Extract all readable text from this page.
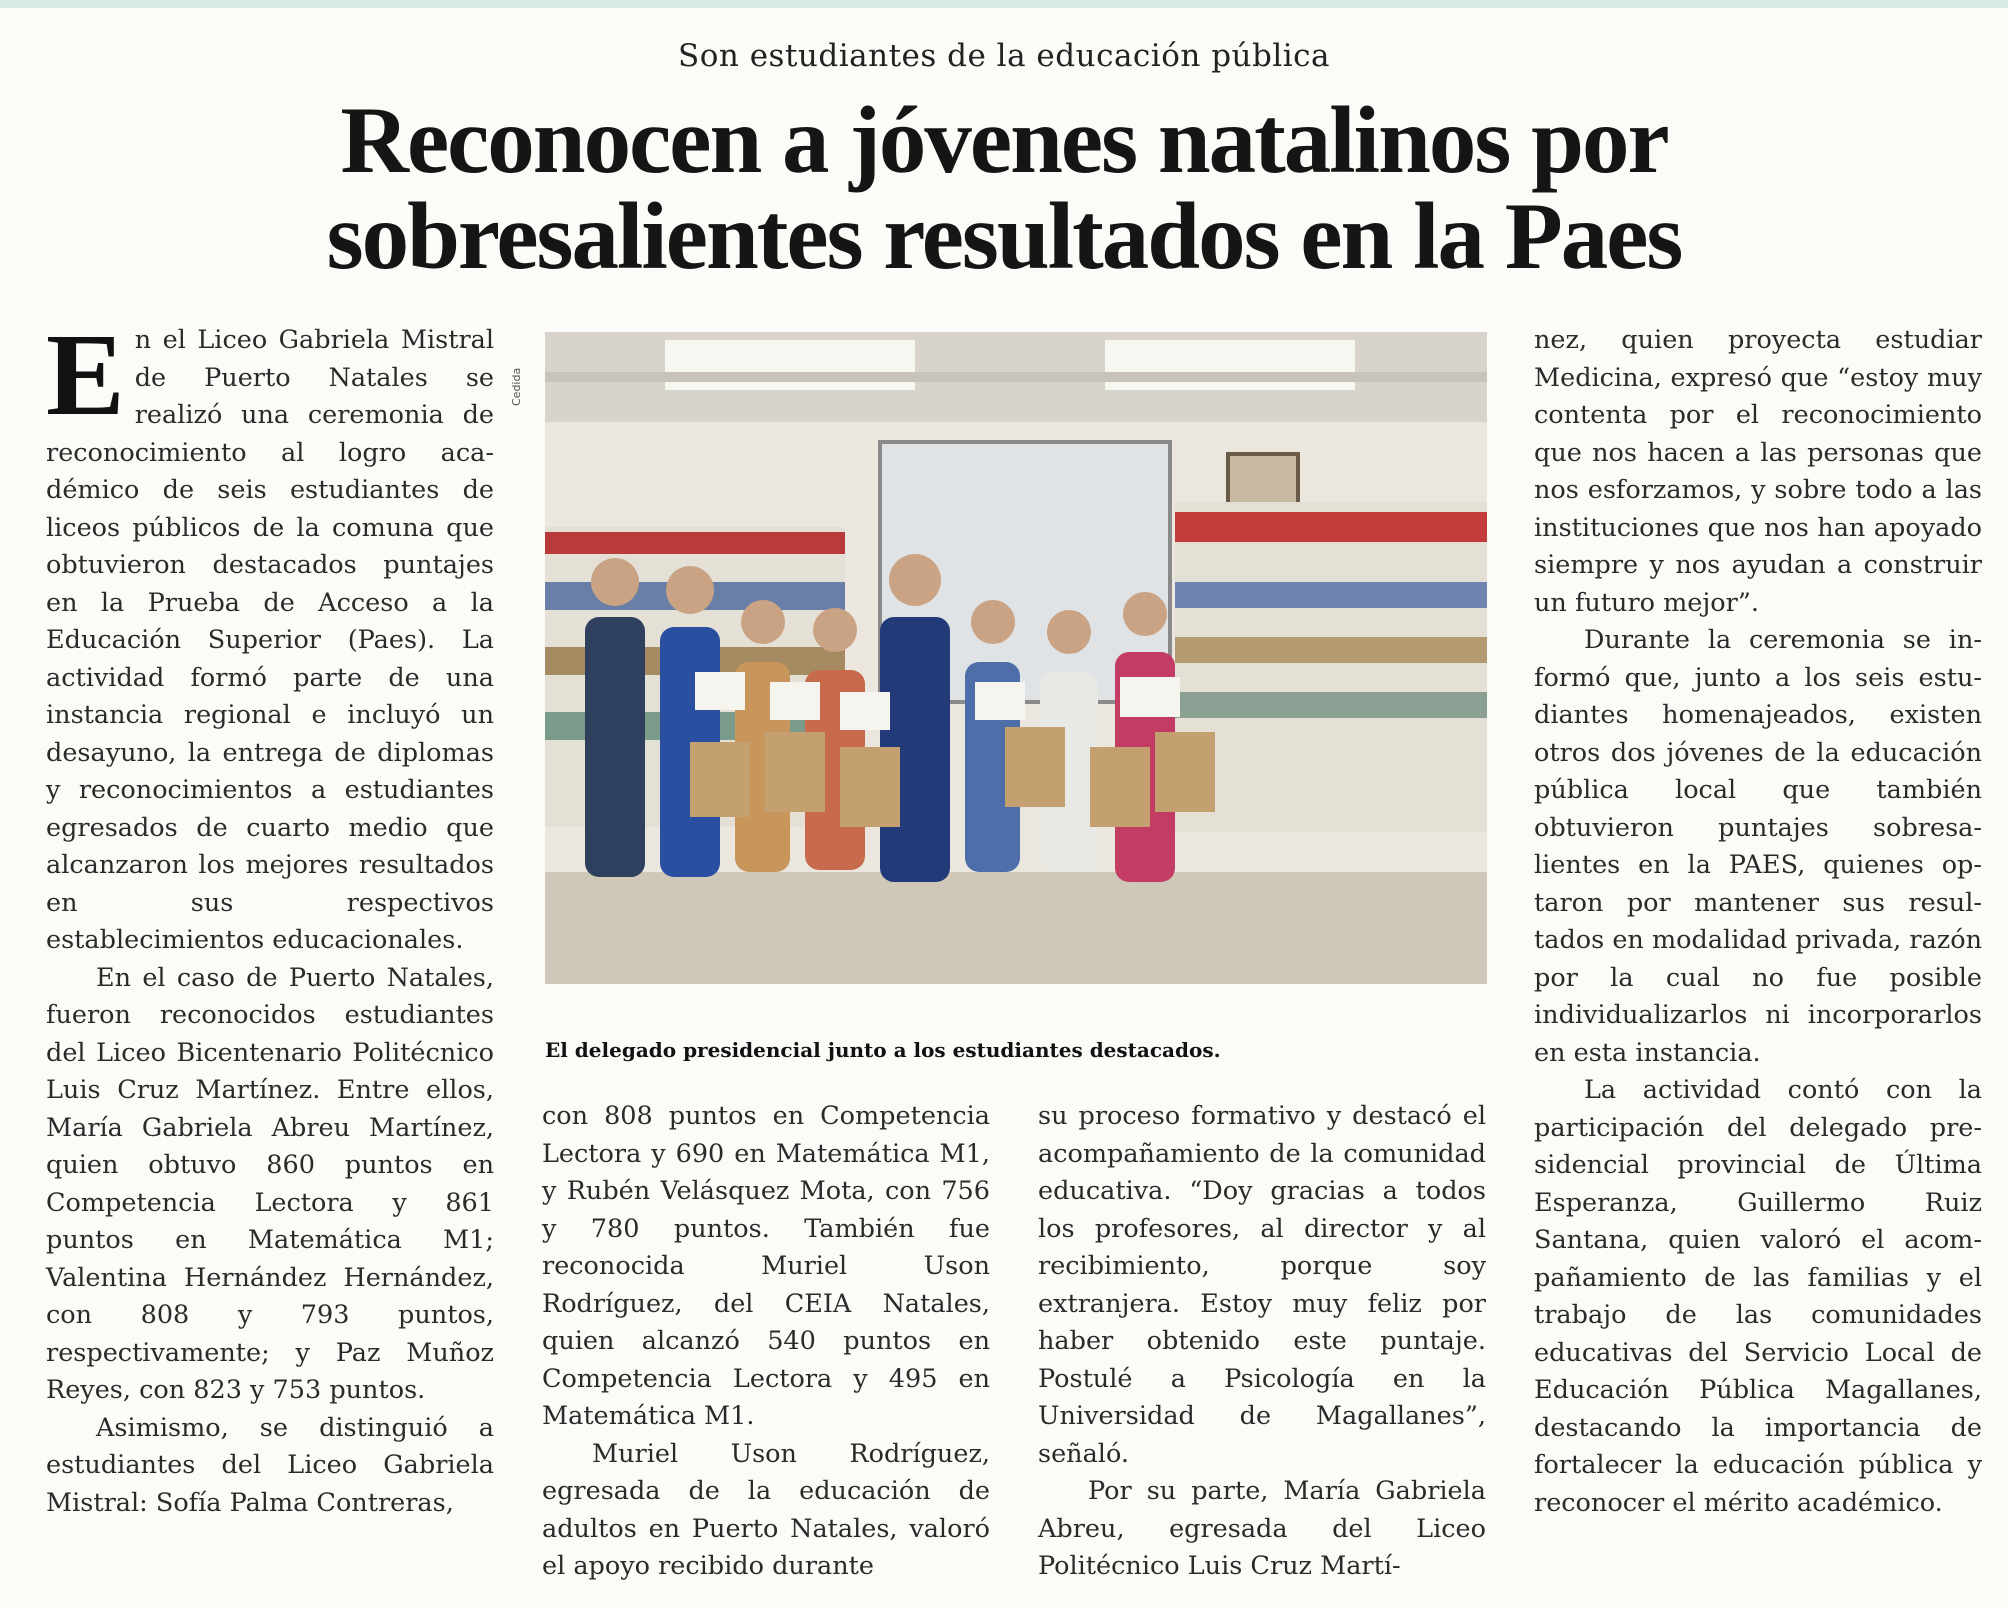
Son estudiantes de la educación pública
Reconocen a jóvenes natalinos por
sobresalientes resultados en la Paes

En el Liceo Gabriela Mistral de Puerto Natales se realizó una ceremonia de reconocimiento al logro académico de seis estudiantes de liceos públicos de la comuna que obtuvieron destacados puntajes en la Prueba de Acceso a la Educación Superior (Paes). La actividad formó parte de una instancia regional e incluyó un desayuno, la entrega de diplomas y reconocimientos a estudiantes egresados de cuarto medio que alcanzaron los mejores resultados en sus respectivos establecimientos educacionales.

En el caso de Puerto Natales, fueron reconocidos estudiantes del Liceo Bicentenario Politécnico Luis Cruz Martínez. Entre ellos, María Gabriela Abreu Martínez, quien obtuvo 860 puntos en Competencia Lectora y 861 puntos en Matemática M1; Valentina Hernández Hernández, con 808 y 793 puntos, respectivamente; y Paz Muñoz Reyes, con 823 y 753 puntos.

Asimismo, se distinguió a estudiantes del Liceo Gabriela Mistral: Sofía Palma Contreras,

Cedida
El delegado presidencial junto a los estudiantes destacados.

con 808 puntos en Competencia Lectora y 690 en Matemática M1, y Rubén Velásquez Mota, con 756 y 780 puntos. También fue reconocida Muriel Uson Rodríguez, del CEIA Natales, quien alcanzó 540 puntos en Competencia Lectora y 495 en Matemática M1.

Muriel Uson Rodríguez, egresada de la educación de adultos en Puerto Natales, valoró el apoyo recibido durante

su proceso formativo y destacó el acompañamiento de la comunidad educativa. “Doy gracias a todos los profesores, al director y al recibimiento, porque soy extranjera. Estoy muy feliz por haber obtenido este puntaje. Postulé a Psicología en la Universidad de Magallanes”, señaló.

Por su parte, María Gabriela Abreu, egresada del Liceo Politécnico Luis Cruz Martí-

nez, quien proyecta estudiar Medicina, expresó que “estoy muy contenta por el reconocimiento que nos hacen a las personas que nos esforzamos, y sobre todo a las instituciones que nos han apoyado siempre y nos ayudan a construir un futuro mejor”.

Durante la ceremonia se informó que, junto a los seis estudiantes homenajeados, existen otros dos jóvenes de la educación pública local que también obtuvieron puntajes sobresalientes en la PAES, quienes optaron por mantener sus resultados en modalidad privada, razón por la cual no fue posible individualizarlos ni incorporarlos en esta instancia.

La actividad contó con la participación del delegado presidencial provincial de Última Esperanza, Guillermo Ruiz Santana, quien valoró el acompañamiento de las familias y el trabajo de las comunidades educativas del Servicio Local de Educación Pública Magallanes, destacando la importancia de fortalecer la educación pública y reconocer el mérito académico.
